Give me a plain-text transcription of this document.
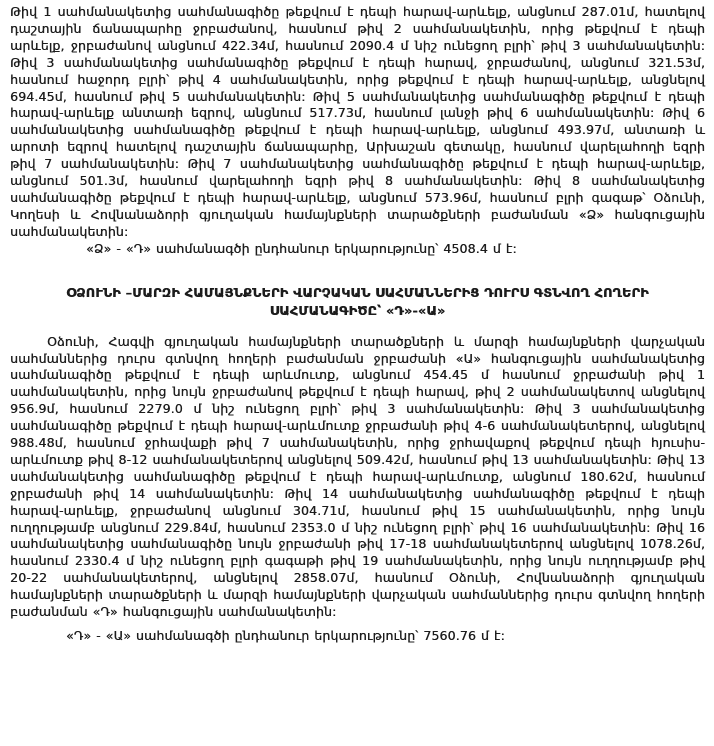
Թիվ 1 սահմանակետից սահմանագիծը թեքվում է դեպի հարավ-արևելք, անցնում 287.01մ, հատելով դաշտային ճանապարհը ջրբաժանով, հասնում թիվ 2 սահմանակետին, որից թեքվում է դեպի արևելք, ջրբաժանով անցնում 422.34մ, հասնում 2090.4 մ նիշ ունեցող բլրի՝ թիվ 3 սահմանակետին: Թիվ 3 սահմանակետից սահմանագիծը թեքվում է դեպի հարավ, ջրբաժանով, անցնում 321.53մ, հասնում հաջորդ բլրի՝ թիվ 4 սահմանակետին, որից թեքվում է դեպի հարավ-արևելք, անցնելով 694.45մ, հասնում թիվ 5 սահմանակետին: Թիվ 5 սահմանակետից սահմանագիծը թեքվում է դեպի հարավ-արևելք անտառի եզրով, անցնում 517.73մ, հասնում լանջի թիվ 6 սահմանակետին: Թիվ 6 սահմանակետից սահմանագիծը թեքվում է դեպի հարավ-արևելք, անցնում 493.97մ, անտառի և արոտի եզրով հատելով դաշտային ճանապարհը, Արխաշան գետակը, հասնում վարելահողի եզրի թիվ 7 սահմանակետին: Թիվ 7 սահմանակետից սահմանագիծը թեքվում է դեպի հարավ-արևելք, անցնում 501.3մ, հասնում վարելահողի եզրի թիվ 8 սահմանակետին: Թիվ 8 սահմանակետից սահմանագիծը թեքվում է դեպի հարավ-արևելք, անցնում 573.96մ, հասնում բլրի գագաթ՝ Օձունի, Կողեսի և Հովնանաձորի գյուղական համայնքների տարածքների բաժանման «Ձ» հանգուցային սահմանակետին:
«Ձ» - «Դ» սահմանագծի ընդհանուր երկարությունը՝ 4508.4 մ է:
ՕՁՈՒՆԻ –ՄԱՐԶԻ ՀԱՄԱՅՆՔՆԵՐԻ ՎԱՐՉԱԿԱՆ ՍԱՀՄԱՆՆԵՐԻՑ ԴՈՒՐՍ ԳՏՆՎՈՂ ՀՈՂԵՐԻ
ՍԱՀՄԱՆԱԳԻԾԸ՝ «Դ»-«Ա»
Օձունի, Հագվի գյուղական համայնքների տարածքների և մարզի համայնքների վարչական սահմաններից դուրս գտնվող հողերի բաժանման ջրբաժանի «Ա» հանգուցային սահմանակետից սահմանագիծը թեքվում է դեպի արևմուտք, անցնում 454.45 մ հասնում ջրբաժանի թիվ 1 սահմանակետին, որից նույն ջրբաժանով թեքվում է դեպի հարավ, թիվ 2 սահմանակետով անցնելով 956.9մ, հասնում 2279.0 մ նիշ ունեցող բլրի՝ թիվ 3 սահմանակետին: Թիվ 3 սահմանակետից սահմանագիծը թեքվում է դեպի հարավ-արևմուտք ջրբաժանի թիվ 4-6 սահմանակետերով, անցնելով 988.48մ, հասնում ջրհավաքի թիվ 7 սահմանակետին, որից ջրհավաքով թեքվում դեպի հյուսիս-արևմուտք թիվ 8-12 սահմանակետերով անցնելով 509.42մ, հասնում թիվ 13 սահմանակետին: Թիվ 13 սահմանակետից սահմանագիծը թեքվում է դեպի հարավ-արևմուտք, անցնում 180.62մ, հասնում ջրբաժանի թիվ 14 սահմանակետին: Թիվ 14 սահմանակետից սահմանագիծը թեքվում է դեպի հարավ-արևելք, ջրբաժանով անցնում 304.71մ, հասնում թիվ 15 սահմանակետին, որից նույն ուղղությամբ անցնում 229.84մ, հասնում 2353.0 մ նիշ ունեցող բլրի՝ թիվ 16 սահմանակետին: Թիվ 16 սահմանակետից սահմանագիծը նույն ջրբաժանի թիվ 17-18 սահմանակետերով անցնելով 1078.26մ, հասնում 2330.4 մ նիշ ունեցող բլրի գագաթի թիվ 19 սահմանակետին, որից նույն ուղղությամբ թիվ 20-22 սահմանակետերով, անցնելով 2858.07մ, հասնում Օձունի, Հովնանաձորի գյուղական համայնքների տարածքների և մարզի համայնքների վարչական սահմաններից դուրս գտնվող հողերի բաժանման «Դ» հանգուցային սահմանակետին:
«Դ» - «Ա» սահմանագծի ընդհանուր երկարությունը՝ 7560.76 մ է:
